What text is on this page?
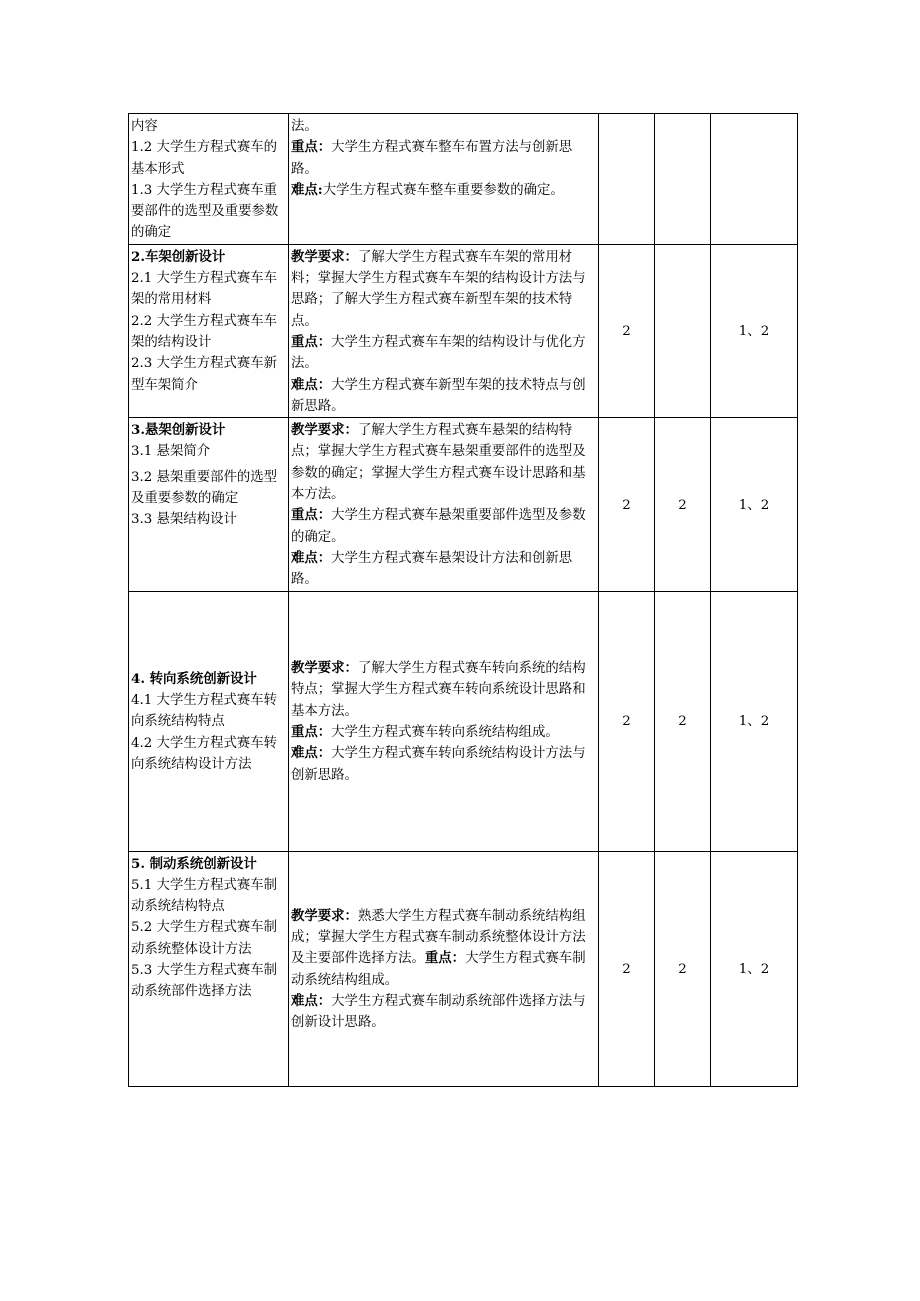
内容
1.2 大学生方程式赛车的基本形式
1.3 大学生方程式赛车重要部件的选型及重要参数的确定	法。
重点：大学生方程式赛车整车布置方法与创新思路。
难点:大学生方程式赛车整车重要参数的确定。			

2.车架创新设计
2.1 大学生方程式赛车车架的常用材料
2.2 大学生方程式赛车车架的结构设计
2.3 大学生方程式赛车新型车架简介	教学要求：了解大学生方程式赛车车架的常用材料；掌握大学生方程式赛车车架的结构设计方法与思路；了解大学生方程式赛车新型车架的技术特点。
重点：大学生方程式赛车车架的结构设计与优化方法。
难点：大学生方程式赛车新型车架的技术特点与创新思路。	2		1、2

3.悬架创新设计
3.1 悬架简介
3.2 悬架重要部件的选型及重要参数的确定
3.3 悬架结构设计	教学要求：了解大学生方程式赛车悬架的结构特点；掌握大学生方程式赛车悬架重要部件的选型及参数的确定；掌握大学生方程式赛车设计思路和基本方法。
重点：大学生方程式赛车悬架重要部件选型及参数的确定。
难点：大学生方程式赛车悬架设计方法和创新思路。	2	2	1、2

4. 转向系统创新设计
4.1 大学生方程式赛车转向系统结构特点
4.2 大学生方程式赛车转向系统结构设计方法	教学要求：了解大学生方程式赛车转向系统的结构特点；掌握大学生方程式赛车转向系统设计思路和基本方法。
重点：大学生方程式赛车转向系统结构组成。
难点：大学生方程式赛车转向系统结构设计方法与创新思路。	2	2	1、2

5. 制动系统创新设计
5.1 大学生方程式赛车制动系统结构特点
5.2 大学生方程式赛车制动系统整体设计方法
5.3 大学生方程式赛车制动系统部件选择方法	教学要求：熟悉大学生方程式赛车制动系统结构组成；掌握大学生方程式赛车制动系统整体设计方法及主要部件选择方法。重点：大学生方程式赛车制动系统结构组成。
难点：大学生方程式赛车制动系统部件选择方法与创新设计思路。	2	2	1、2
